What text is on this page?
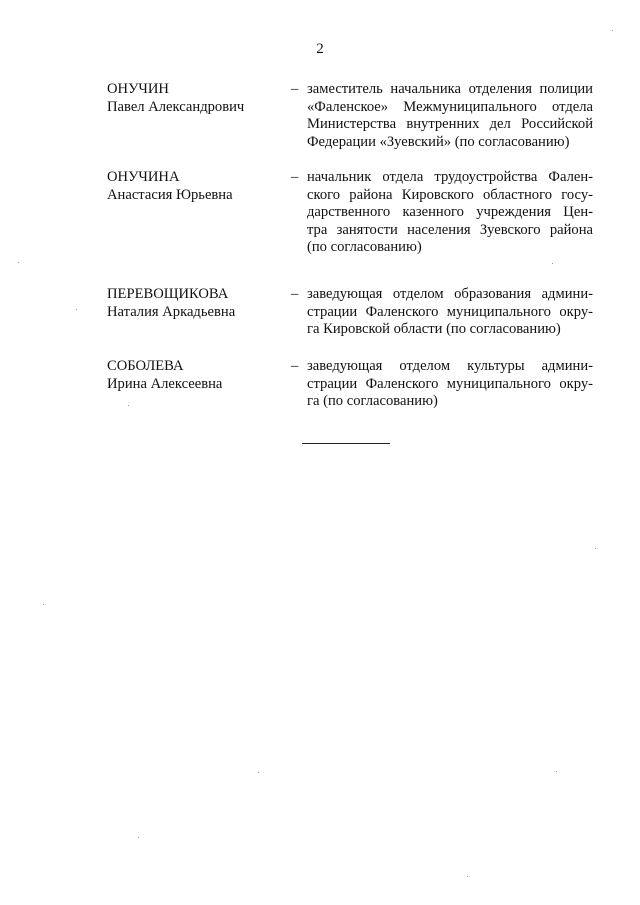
2
ОНУЧИН
Павел Александрович
– заместитель начальника отделения полиции
«Фаленское» Межмуниципального отдела
Министерства внутренних дел Российской
Федерации «Зуевский» (по согласованию)
ОНУЧИНА
Анастасия Юрьевна
– начальник отдела трудоустройства Фален-
ского района Кировского областного госу-
дарственного казенного учреждения Цен-
тра занятости населения Зуевского района
(по согласованию)
ПЕРЕВОЩИКОВА
Наталия Аркадьевна
– заведующая отделом образования админи-
страции Фаленского муниципального окру-
га Кировской области (по согласованию)
СОБОЛЕВА
Ирина Алексеевна
– заведующая отделом культуры админи-
страции Фаленского муниципального окру-
га (по согласованию)
